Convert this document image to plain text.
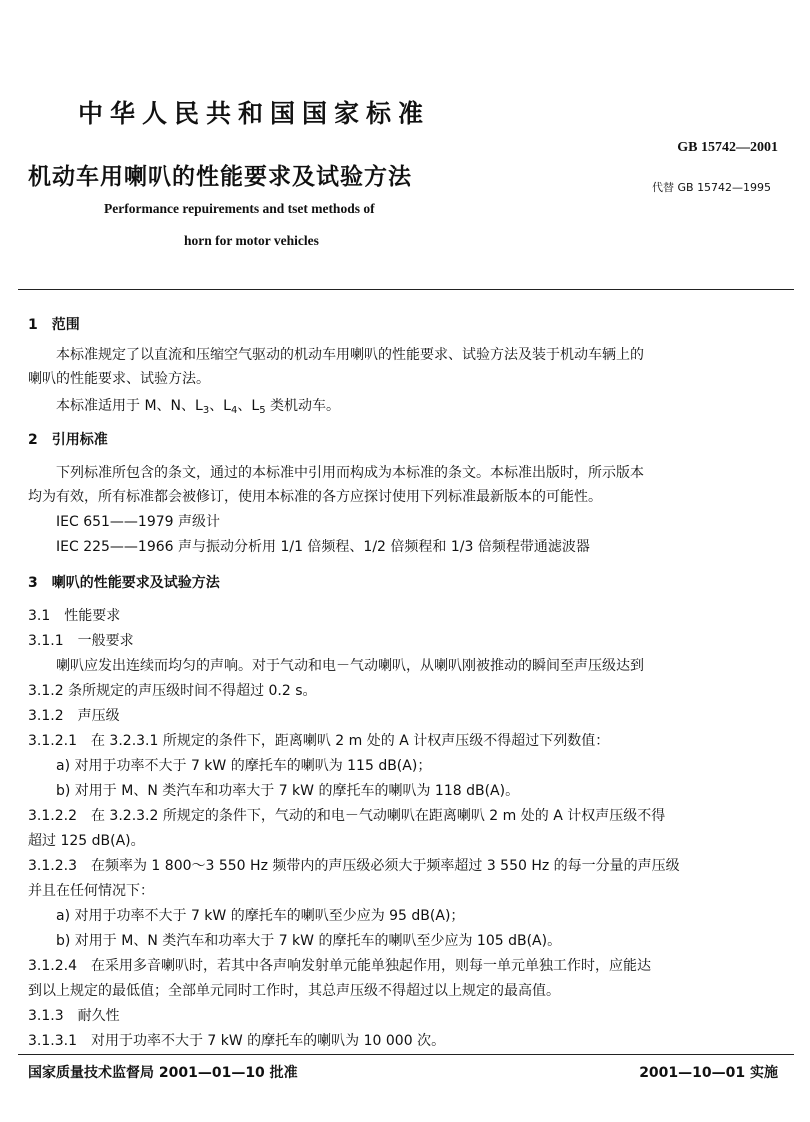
中华人民共和国国家标准
GB 15742—2001
机动车用喇叭的性能要求及试验方法	代替 GB 15742—1995
Performance repuirements and tset methods of
horn for motor vehicles
1　范围
本标准规定了以直流和压缩空气驱动的机动车用喇叭的性能要求、试验方法及装于机动车辆上的
喇叭的性能要求、试验方法。
本标准适用于 M、N、$L_3$、$L_4$、$L_5$ 类机动车。
2　引用标准
下列标准所包含的条文，通过的本标准中引用而构成为本标准的条文。本标准出版时，所示版本
均为有效，所有标准都会被修订，使用本标准的各方应探讨使用下列标准最新版本的可能性。
IEC 651——1979 声级计
IEC 225——1966 声与振动分析用 1/1 倍频程、1/2 倍频程和 1/3 倍频程带通滤波器
3　喇叭的性能要求及试验方法
3.1　性能要求
3.1.1　一般要求
喇叭应发出连续而均匀的声响。对于气动和电－气动喇叭，从喇叭刚被推动的瞬间至声压级达到
3.1.2 条所规定的声压级时间不得超过 0.2 s。
3.1.2　声压级
3.1.2.1　在 3.2.3.1 所规定的条件下，距离喇叭 2 m 处的 A 计权声压级不得超过下列数值：
a) 对用于功率不大于 7 kW 的摩托车的喇叭为 115 dB(A)；
b) 对用于 M、N 类汽车和功率大于 7 kW 的摩托车的喇叭为 118 dB(A)。
3.1.2.2　在 3.2.3.2 所规定的条件下，气动的和电－气动喇叭在距离喇叭 2 m 处的 A 计权声压级不得
超过 125 dB(A)。
3.1.2.3　在频率为 1 800～3 550 Hz 频带内的声压级必须大于频率超过 3 550 Hz 的每一分量的声压级
并且在任何情况下：
a) 对用于功率不大于 7 kW 的摩托车的喇叭至少应为 95 dB(A)；
b) 对用于 M、N 类汽车和功率大于 7 kW 的摩托车的喇叭至少应为 105 dB(A)。
3.1.2.4　在采用多音喇叭时，若其中各声响发射单元能单独起作用，则每一单元单独工作时，应能达
到以上规定的最低值；全部单元同时工作时，其总声压级不得超过以上规定的最高值。
3.1.3　耐久性
3.1.3.1　对用于功率不大于 7 kW 的摩托车的喇叭为 10 000 次。
国家质量技术监督局 2001—01—10 批准	2001—10—01 实施
